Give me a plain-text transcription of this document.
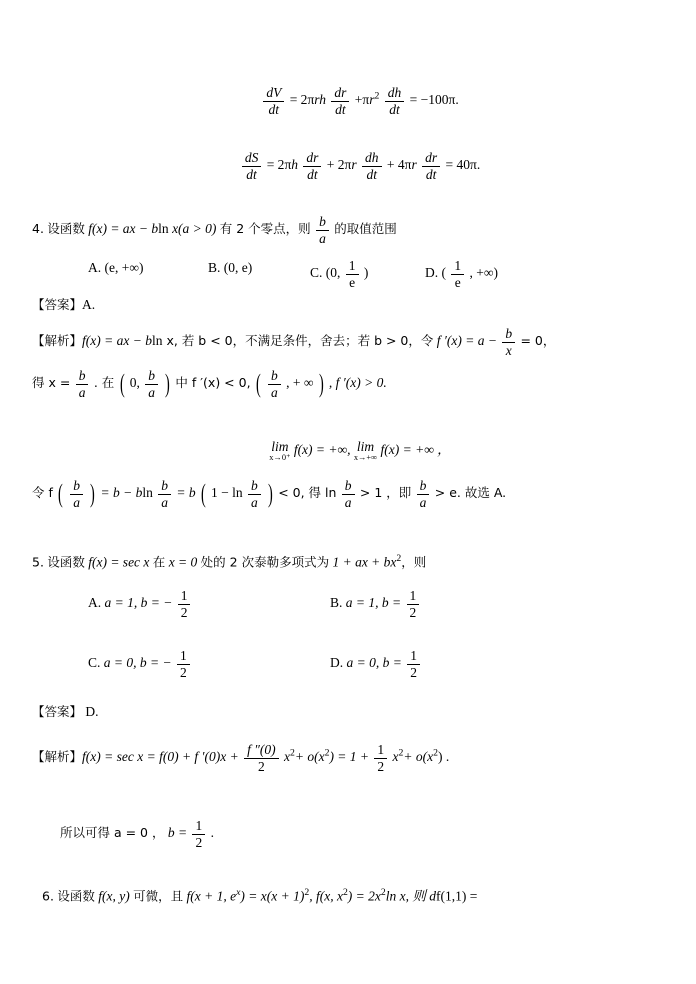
$\frac{dV}{dt} = 2\pi rh \frac{dr}{dt} +\pi r^2 \frac{dh}{dt} = -100\pi$.
$\frac{dS}{dt} = 2\pi h \frac{dr}{dt} + 2\pi r \frac{dh}{dt} + 4\pi r \frac{dr}{dt} = 40\pi$.
4. 设函数 f(x) = ax − bln x(a > 0) 有 2 个零点，则 $\frac{b}{a}$ 的取值范围
A. (e, +∞)	B. (0, e)	C. (0, $\frac{1}{e}$ )	D. ( $\frac{1}{e}$ , +∞)
【答案】A.
【解析】f(x) = ax − bln x, 若 b < 0，不满足条件，舍去；若 b > 0，令 f $'(x) = a - \frac{b}{x} = 0$，
得 $x = \frac{b}{a}$ . 在 ( 0, $\frac{b}{a}$ ) 中 f ′(x) < 0, ( $\frac{b}{a}$ , + ∞ ) , f ′(x) > 0.
lim
x→0⁺ f(x) = +∞, lim
x→+∞ f(x) = +∞ ，
令 f ( $\frac{b}{a}$ ) = b − bln $\frac{b}{a} = b$ ( $1 - \ln \frac{b}{a}$ ) < 0, 得 $\ln \frac{b}{a} > 1$ ，即 $\frac{b}{a} > e$. 故选 A.
5. 设函数 f(x) = sec x 在 x = 0 处的 2 次泰勒多项式为 1 + ax + $bx^2$，则
A. a = 1, b = − $\frac{1}{2}$	B. a = 1, $b = \frac{1}{2}$
C. a = 0, b = − $\frac{1}{2}$	D. a = 0, $b = \frac{1}{2}$
【答案】 D.
【解析】f(x) = sec x = f(0) + f $'(0)x + \frac{f ''(0)}{2} x^2+ o(x^2) = 1 + \frac{1}{2} x^2+ o(x^2)$ .
所以可得 a = 0 ， $b = \frac{1}{2}$ .
6. 设函数 f(x, y) 可微，且 f(x + 1, $e^x) = x(x + 1)^2$, f(x, $x^2) = 2x^2\ln$ x, 则 df(1,1) =
